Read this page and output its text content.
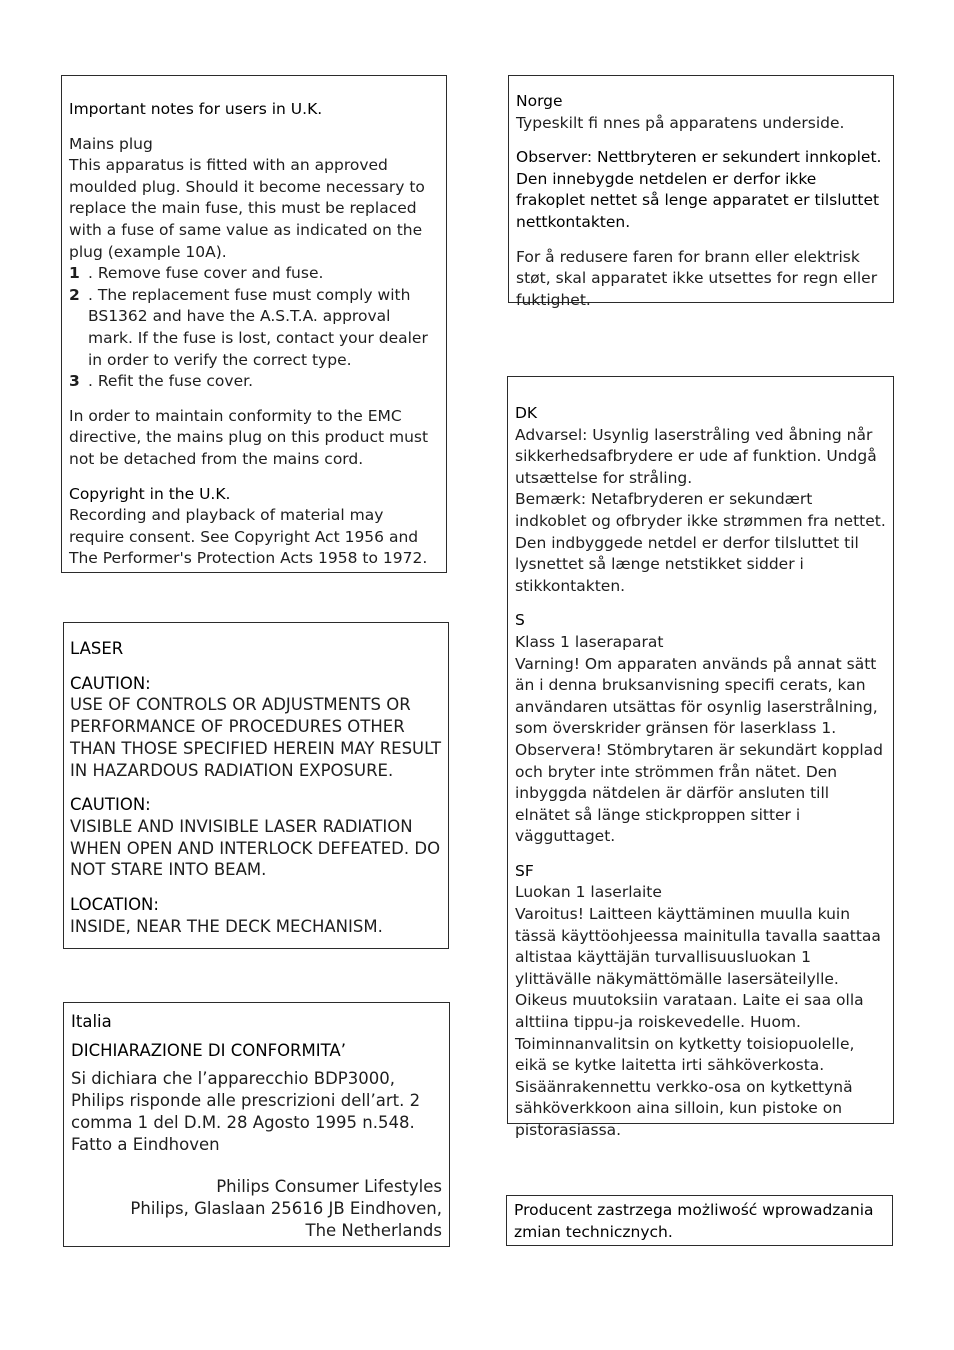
Important notes for users in U.K.

Mains plug

This apparatus is fitted with an approved moulded plug. Should it become necessary to replace the main fuse, this must be replaced with a fuse of same value as indicated on the plug (example 10A).

1 . Remove fuse cover and fuse.
2 . The replacement fuse must comply with BS1362 and have the A.S.T.A. approval mark. If the fuse is lost, contact your dealer in order to verify the correct type.
3 . Refit the fuse cover.

In order to maintain conformity to the EMC directive, the mains plug on this product must not be detached from the mains cord.

Copyright in the U.K.

Recording and playback of material may require consent. See Copyright Act 1956 and The Performer's Protection Acts 1958 to 1972.

LASER

CAUTION:

USE OF CONTROLS OR ADJUSTMENTS OR PERFORMANCE OF PROCEDURES OTHER THAN THOSE SPECIFIED HEREIN MAY RESULT IN HAZARDOUS RADIATION EXPOSURE.

CAUTION:

VISIBLE AND INVISIBLE LASER RADIATION WHEN OPEN AND INTERLOCK DEFEATED. DO NOT STARE INTO BEAM.

LOCATION:

INSIDE, NEAR THE DECK MECHANISM.

Italia

DICHIARAZIONE DI CONFORMITA’

Si dichiara che l’apparecchio BDP3000, Philips risponde alle prescrizioni dell’art. 2 comma 1 del D.M. 28 Agosto 1995 n.548.

Fatto a Eindhoven

Philips Consumer Lifestyles

Philips, Glaslaan 25616 JB Eindhoven,

The Netherlands

Norge

Typeskilt fi nnes på apparatens underside.

Observer: Nettbryteren er sekundert innkoplet. Den innebygde netdelen er derfor ikke frakoplet nettet så lenge apparatet er tilsluttet nettkontakten.

For å redusere faren for brann eller elektrisk støt, skal apparatet ikke utsettes for regn eller fuktighet.

DK

Advarsel: Usynlig laserstråling ved åbning når sikkerhedsafbrydere er ude af funktion. Undgå utsættelse for stråling.

Bemærk: Netafbryderen er sekundært indkoblet og ofbryder ikke strømmen fra nettet. Den indbyggede netdel er derfor tilsluttet til lysnettet så længe netstikket sidder i stikkontakten.

S

Klass 1 laseraparat

Varning! Om apparaten används på annat sätt än i denna bruksanvisning specifi cerats, kan användaren utsättas för osynlig laserstrålning, som överskrider gränsen för laserklass 1.

Observera! Stömbrytaren är sekundärt kopplad och bryter inte strömmen från nätet. Den inbyggda nätdelen är därför ansluten till elnätet så länge stickproppen sitter i vägguttaget.

SF

Luokan 1 laserlaite

Varoitus! Laitteen käyttäminen muulla kuin tässä käyttöohjeessa mainitulla tavalla saattaa altistaa käyttäjän turvallisuusluokan 1 ylittävälle näkymättömälle lasersäteilylle.

Oikeus muutoksiin varataan. Laite ei saa olla alttiina tippu-ja roiskevedelle. Huom. Toiminnanvalitsin on kytketty toisiopuolelle, eikä se kytke laitetta irti sähköverkosta. Sisäänrakennettu verkko-osa on kytkettynä sähköverkkoon aina silloin, kun pistoke on pistorasiassa.

Producent zastrzega możliwość wprowadzania zmian technicznych.
